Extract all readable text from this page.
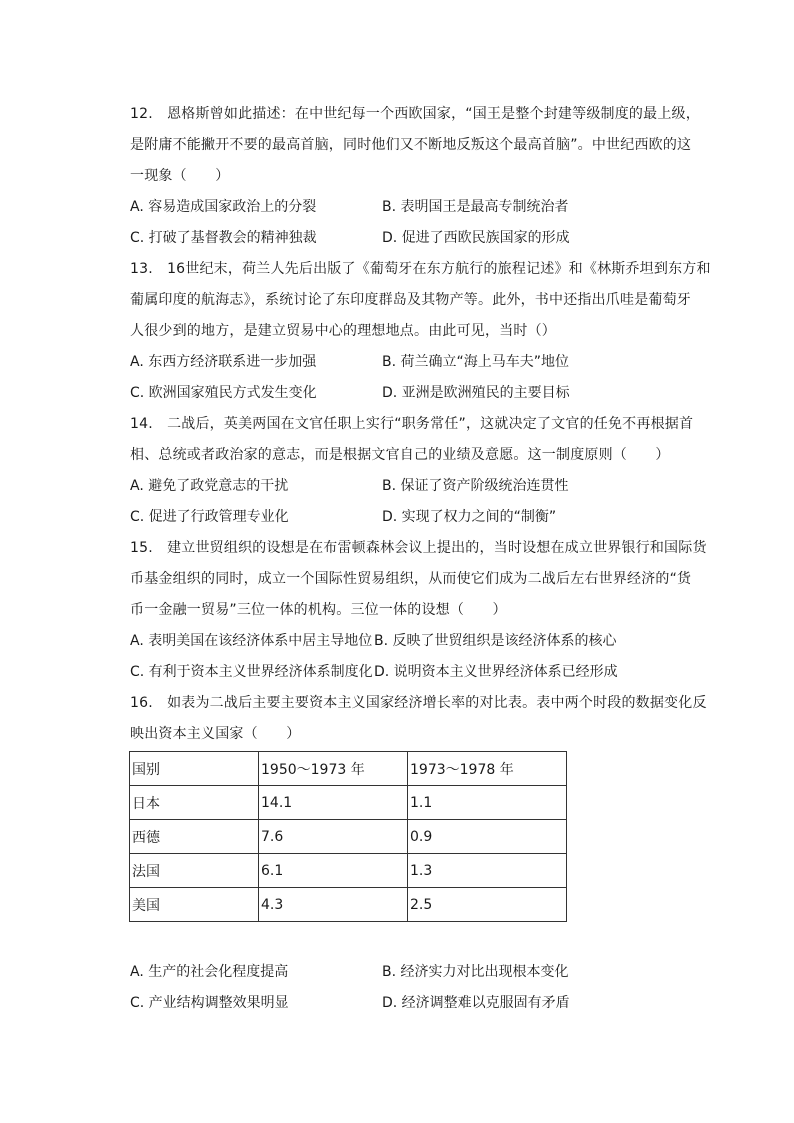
12.　恩格斯曾如此描述：在中世纪每一个西欧国家，“国王是整个封建等级制度的最上级，
是附庸不能撇开不要的最高首脑，同时他们又不断地反叛这个最高首脑”。中世纪西欧的这
一现象（　　）
A. 容易造成国家政治上的分裂	B. 表明国王是最高专制统治者
C. 打破了基督教会的精神独裁	D. 促进了西欧民族国家的形成
13.　16世纪末，荷兰人先后出版了《葡萄牙在东方航行的旅程记述》和《林斯乔坦到东方和
葡属印度的航海志》，系统讨论了东印度群岛及其物产等。此外，书中还指出爪哇是葡萄牙
人很少到的地方，是建立贸易中心的理想地点。由此可见，当时（）
A. 东西方经济联系进一步加强	B. 荷兰确立“海上马车夫”地位
C. 欧洲国家殖民方式发生变化	D. 亚洲是欧洲殖民的主要目标
14.　二战后，英美两国在文官任职上实行“职务常任”，这就决定了文官的任免不再根据首
相、总统或者政治家的意志，而是根据文官自己的业绩及意愿。这一制度原则（　　）
A. 避免了政党意志的干扰	B. 保证了资产阶级统治连贯性
C. 促进了行政管理专业化	D. 实现了权力之间的“制衡”
15.　建立世贸组织的设想是在布雷顿森林会议上提出的，当时设想在成立世界银行和国际货
币基金组织的同时，成立一个国际性贸易组织，从而使它们成为二战后左右世界经济的“货
币一金融一贸易”三位一体的机构。三位一体的设想（　　）
A. 表明美国在该经济体系中居主导地位 B. 反映了世贸组织是该经济体系的核心
C. 有利于资本主义世界经济体系制度化 D. 说明资本主义世界经济体系已经形成
16.　如表为二战后主要主要资本主义国家经济增长率的对比表。表中两个时段的数据变化反
映出资本主义国家（　　）
国别	1950～1973 年	1973～1978 年
日本	14.1	1.1
西德	7.6	0.9
法国	6.1	1.3
美国	4.3	2.5
A. 生产的社会化程度提高	B. 经济实力对比出现根本变化
C. 产业结构调整效果明显	D. 经济调整难以克服固有矛盾
